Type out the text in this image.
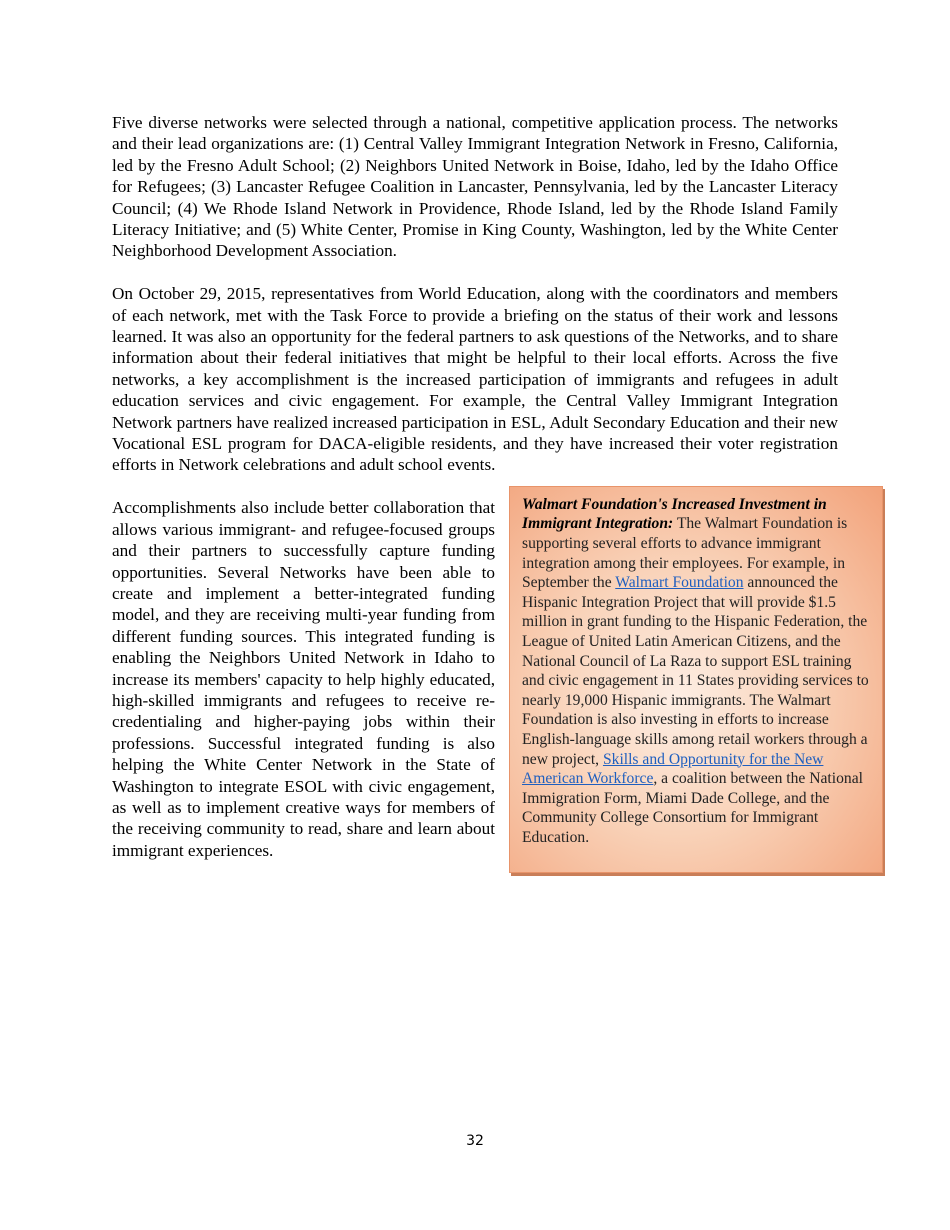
Five diverse networks were selected through a national, competitive application process. The networks and their lead organizations are: (1) Central Valley Immigrant Integration Network in Fresno, California, led by the Fresno Adult School; (2) Neighbors United Network in Boise, Idaho, led by the Idaho Office for Refugees; (3) Lancaster Refugee Coalition in Lancaster, Pennsylvania, led by the Lancaster Literacy Council; (4) We Rhode Island Network in Providence, Rhode Island, led by the Rhode Island Family Literacy Initiative; and (5) White Center, Promise in King County, Washington, led by the White Center Neighborhood Development Association.

On October 29, 2015, representatives from World Education, along with the coordinators and members of each network, met with the Task Force to provide a briefing on the status of their work and lessons learned. It was also an opportunity for the federal partners to ask questions of the Networks, and to share information about their federal initiatives that might be helpful to their local efforts. Across the five networks, a key accomplishment is the increased participation of immigrants and refugees in adult education services and civic engagement. For example, the Central Valley Immigrant Integration Network partners have realized increased participation in ESL, Adult Secondary Education and their new Vocational ESL program for DACA-eligible residents, and they have increased their voter registration efforts in Network celebrations and adult school events.

Walmart Foundation's Increased Investment in Immigrant Integration: The Walmart Foundation is supporting several efforts to advance immigrant integration among their employees. For example, in September the Walmart Foundation announced the Hispanic Integration Project that will provide $1.5 million in grant funding to the Hispanic Federation, the League of United Latin American Citizens, and the National Council of La Raza to support ESL training and civic engagement in 11 States providing services to nearly 19,000 Hispanic immigrants. The Walmart Foundation is also investing in efforts to increase English-language skills among retail workers through a new project, Skills and Opportunity for the New American Workforce, a coalition between the National Immigration Form, Miami Dade College, and the Community College Consortium for Immigrant Education.

Accomplishments also include better collaboration that allows various immigrant- and refugee-focused groups and their partners to successfully capture funding opportunities. Several Networks have been able to create and implement a better-integrated funding model, and they are receiving multi-year funding from different funding sources. This integrated funding is enabling the Neighbors United Network in Idaho to increase its members' capacity to help highly educated, high-skilled immigrants and refugees to receive re-credentialing and higher-paying jobs within their professions. Successful integrated funding is also helping the White Center Network in the State of Washington to integrate ESOL with civic engagement, as well as to implement creative ways for members of the receiving community to read, share and learn about immigrant experiences.

32
